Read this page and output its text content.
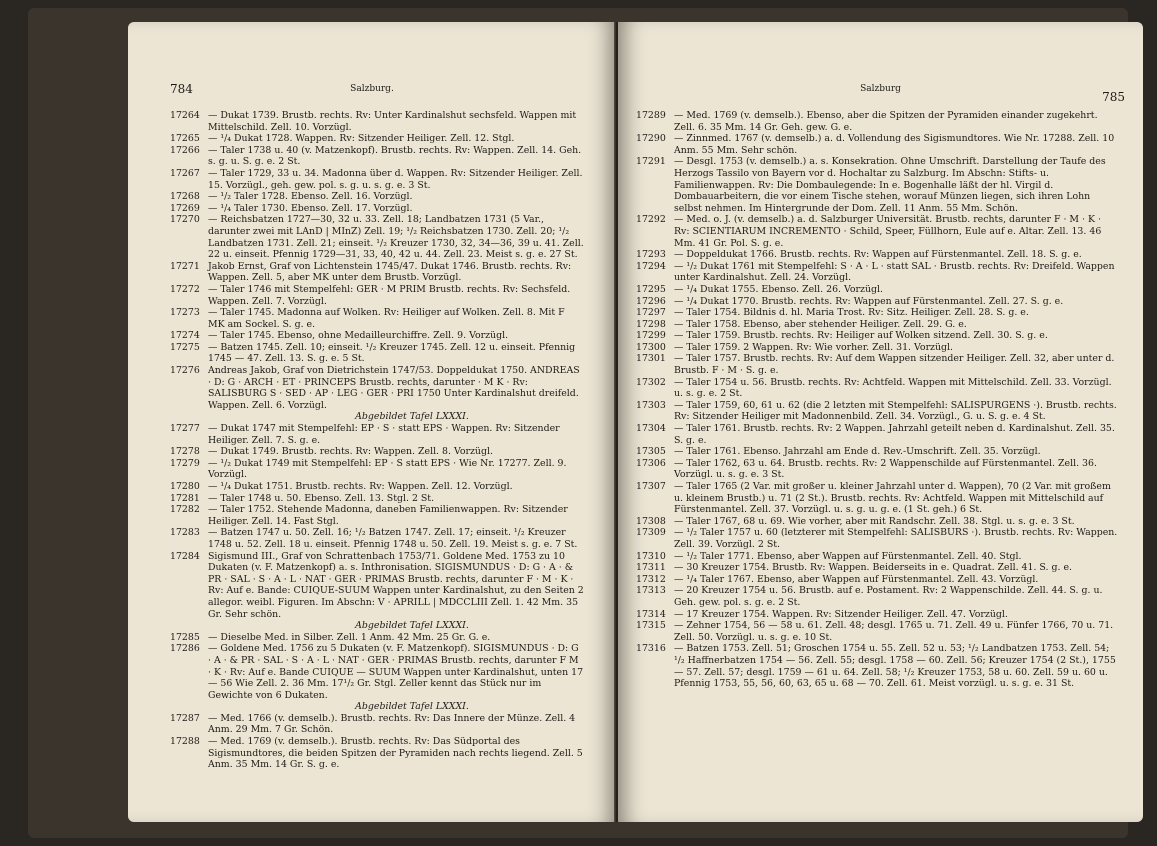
784	Salzburg.
17264 — Dukat 1739. Brustb. rechts. Rv: Unter Kardinalshut sechsfeld. Wappen mit Mittelschild. Zell. 10. Vorzügl.
17265 — ¹/₄ Dukat 1728. Wappen. Rv: Sitzender Heiliger. Zell. 12. Stgl.
17266 — Taler 1738 u. 40 (v. Matzenkopf). Brustb. rechts. Rv: Wappen. Zell. 14. Geh. s. g. u. S. g. e. 2 St.
17267 — Taler 1729, 33 u. 34. Madonna über d. Wappen. Rv: Sitzender Heiliger. Zell. 15. Vorzügl., geh. gew. pol. s. g. u. s. g. e. 3 St.
17268 — ¹/₂ Taler 1728. Ebenso. Zell. 16. Vorzügl.
17269 — ¹/₄ Taler 1730. Ebenso. Zell. 17. Vorzügl.
17270 — Reichsbatzen 1727—30, 32 u. 33. Zell. 18; Landbatzen 1731 (5 Var., darunter zwei mit LAnD | MInZ) Zell. 19; ¹/₂ Reichsbatzen 1730. Zell. 20; ¹/₂ Landbatzen 1731. Zell. 21; einseit. ¹/₂ Kreuzer 1730, 32, 34—36, 39 u. 41. Zell. 22 u. einseit. Pfennig 1729—31, 33, 40, 42 u. 44. Zell. 23. Meist s. g. e. 27 St.
17271 Jakob Ernst, Graf von Lichtenstein 1745/47. Dukat 1746. Brustb. rechts. Rv: Wappen. Zell. 5, aber MK unter dem Brustb. Vorzügl.
17272 — Taler 1746 mit Stempelfehl: GER · M PRIM Brustb. rechts. Rv: Sechsfeld. Wappen. Zell. 7. Vorzügl.
17273 — Taler 1745. Madonna auf Wolken. Rv: Heiliger auf Wolken. Zell. 8. Mit F MK am Sockel. S. g. e.
17274 — Taler 1745. Ebenso, ohne Medailleurchiffre. Zell. 9. Vorzügl.
17275 — Batzen 1745. Zell. 10; einseit. ¹/₂ Kreuzer 1745. Zell. 12 u. einseit. Pfennig 1745 — 47. Zell. 13. S. g. e. 5 St.
17276 Andreas Jakob, Graf von Dietrichstein 1747/53. Doppeldukat 1750. ANDREAS · D: G · ARCH · ET · PRINCEPS Brustb. rechts, darunter · M K · Rv: SALISBURG S · SED · AP · LEG · GER · PRI 1750 Unter Kardinalshut dreifeld. Wappen. Zell. 6. Vorzügl.
Abgebildet Tafel LXXXI.
17277 — Dukat 1747 mit Stempelfehl: EP · S · statt EPS · Wappen. Rv: Sitzender Heiliger. Zell. 7. S. g. e.
17278 — Dukat 1749. Brustb. rechts. Rv: Wappen. Zell. 8. Vorzügl.
17279 — ¹/₂ Dukat 1749 mit Stempelfehl: EP · S statt EPS · Wie Nr. 17277. Zell. 9. Vorzügl.
17280 — ¹/₄ Dukat 1751. Brustb. rechts. Rv: Wappen. Zell. 12. Vorzügl.
17281 — Taler 1748 u. 50. Ebenso. Zell. 13. Stgl. 2 St.
17282 — Taler 1752. Stehende Madonna, daneben Familienwappen. Rv: Sitzender Heiliger. Zell. 14. Fast Stgl.
17283 — Batzen 1747 u. 50. Zell. 16; ¹/₂ Batzen 1747. Zell. 17; einseit. ¹/₂ Kreuzer 1748 u. 52. Zell. 18 u. einseit. Pfennig 1748 u. 50. Zell. 19. Meist s. g. e. 7 St.
17284 Sigismund III., Graf von Schrattenbach 1753/71. Goldene Med. 1753 zu 10 Dukaten (v. F. Matzenkopf) a. s. Inthronisation. SIGISMUNDUS · D: G · A · & PR · SAL · S · A · L · NAT · GER · PRIMAS Brustb. rechts, darunter F · M · K · Rv: Auf e. Bande: CUIQUE-SUUM Wappen unter Kardinalshut, zu den Seiten 2 allegor. weibl. Figuren. Im Abschn: V · APRILL | MDCCLIII Zell. 1. 42 Mm. 35 Gr. Sehr schön.
Abgebildet Tafel LXXXI.
17285 — Dieselbe Med. in Silber. Zell. 1 Anm. 42 Mm. 25 Gr. G. e.
17286 — Goldene Med. 1756 zu 5 Dukaten (v. F. Matzenkopf). SIGISMUNDUS · D: G · A · & PR · SAL · S · A · L · NAT · GER · PRIMAS Brustb. rechts, darunter F M · K · Rv: Auf e. Bande CUIQUE — SUUM Wappen unter Kardinalshut, unten 17 — 56 Wie Zell. 2. 36 Mm. 17¹/₂ Gr. Stgl. Zeller kennt das Stück nur im Gewichte von 6 Dukaten.
Abgebildet Tafel LXXXI.
17287 — Med. 1766 (v. demselb.). Brustb. rechts. Rv: Das Innere der Münze. Zell. 4 Anm. 29 Mm. 7 Gr. Schön.
17288 — Med. 1769 (v. demselb.). Brustb. rechts. Rv: Das Südportal des Sigismundtores, die beiden Spitzen der Pyramiden nach rechts liegend. Zell. 5 Anm. 35 Mm. 14 Gr. S. g. e.
Salzburg
785
17289 — Med. 1769 (v. demselb.). Ebenso, aber die Spitzen der Pyramiden einander zugekehrt. Zell. 6. 35 Mm. 14 Gr. Geh. gew. G. e.
17290 — Zinnmed. 1767 (v. demselb.) a. d. Vollendung des Sigismundtores. Wie Nr. 17288. Zell. 10 Anm. 55 Mm. Sehr schön.
17291 — Desgl. 1753 (v. demselb.) a. s. Konsekration. Ohne Umschrift. Darstellung der Taufe des Herzogs Tassilo von Bayern vor d. Hochaltar zu Salzburg. Im Abschn: Stifts- u. Familienwappen. Rv: Die Dombaulegende: In e. Bogenhalle läßt der hl. Virgil d. Dombauarbeitern, die vor einem Tische stehen, worauf Münzen liegen, sich ihren Lohn selbst nehmen. Im Hintergrunde der Dom. Zell. 11 Anm. 55 Mm. Schön.
17292 — Med. o. J. (v. demselb.) a. d. Salzburger Universität. Brustb. rechts, darunter F · M · K · Rv: SCIENTIARUM INCREMENTO · Schild, Speer, Füllhorn, Eule auf e. Altar. Zell. 13. 46 Mm. 41 Gr. Pol. S. g. e.
17293 — Doppeldukat 1766. Brustb. rechts. Rv: Wappen auf Fürstenmantel. Zell. 18. S. g. e.
17294 — ¹/₂ Dukat 1761 mit Stempelfehl: S · A · L · statt SAL · Brustb. rechts. Rv: Dreifeld. Wappen unter Kardinalshut. Zell. 24. Vorzügl.
17295 — ¹/₄ Dukat 1755. Ebenso. Zell. 26. Vorzügl.
17296 — ¹/₄ Dukat 1770. Brustb. rechts. Rv: Wappen auf Fürstenmantel. Zell. 27. S. g. e.
17297 — Taler 1754. Bildnis d. hl. Maria Trost. Rv: Sitz. Heiliger. Zell. 28. S. g. e.
17298 — Taler 1758. Ebenso, aber stehender Heiliger. Zell. 29. G. e.
17299 — Taler 1759. Brustb. rechts. Rv: Heiliger auf Wolken sitzend. Zell. 30. S. g. e.
17300 — Taler 1759. 2 Wappen. Rv: Wie vorher. Zell. 31. Vorzügl.
17301 — Taler 1757. Brustb. rechts. Rv: Auf dem Wappen sitzender Heiliger. Zell. 32, aber unter d. Brustb. F · M · S. g. e.
17302 — Taler 1754 u. 56. Brustb. rechts. Rv: Achtfeld. Wappen mit Mittelschild. Zell. 33. Vorzügl. u. s. g. e. 2 St.
17303 — Taler 1759, 60, 61 u. 62 (die 2 letzten mit Stempelfehl: SALISPURGENS ·). Brustb. rechts. Rv: Sitzender Heiliger mit Madonnenbild. Zell. 34. Vorzügl., G. u. S. g. e. 4 St.
17304 — Taler 1761. Brustb. rechts. Rv: 2 Wappen. Jahrzahl geteilt neben d. Kardinalshut. Zell. 35. S. g. e.
17305 — Taler 1761. Ebenso. Jahrzahl am Ende d. Rev.-Umschrift. Zell. 35. Vorzügl.
17306 — Taler 1762, 63 u. 64. Brustb. rechts. Rv: 2 Wappenschilde auf Fürstenmantel. Zell. 36. Vorzügl. u. s. g. e. 3 St.
17307 — Taler 1765 (2 Var. mit großer u. kleiner Jahrzahl unter d. Wappen), 70 (2 Var. mit großem u. kleinem Brustb.) u. 71 (2 St.). Brustb. rechts. Rv: Achtfeld. Wappen mit Mittelschild auf Fürstenmantel. Zell. 37. Vorzügl. u. s. g. u. g. e. (1 St. geh.) 6 St.
17308 — Taler 1767, 68 u. 69. Wie vorher, aber mit Randschr. Zell. 38. Stgl. u. s. g. e. 3 St.
17309 — ¹/₂ Taler 1757 u. 60 (letzterer mit Stempelfehl: SALISBURS ·). Brustb. rechts. Rv: Wappen. Zell. 39. Vorzügl. 2 St.
17310 — ¹/₂ Taler 1771. Ebenso, aber Wappen auf Fürstenmantel. Zell. 40. Stgl.
17311 — 30 Kreuzer 1754. Brustb. Rv: Wappen. Beiderseits in e. Quadrat. Zell. 41. S. g. e.
17312 — ¹/₄ Taler 1767. Ebenso, aber Wappen auf Fürstenmantel. Zell. 43. Vorzügl.
17313 — 20 Kreuzer 1754 u. 56. Brustb. auf e. Postament. Rv: 2 Wappenschilde. Zell. 44. S. g. u. Geh. gew. pol. s. g. e. 2 St.
17314 — 17 Kreuzer 1754. Wappen. Rv: Sitzender Heiliger. Zell. 47. Vorzügl.
17315 — Zehner 1754, 56 — 58 u. 61. Zell. 48; desgl. 1765 u. 71. Zell. 49 u. Fünfer 1766, 70 u. 71. Zell. 50. Vorzügl. u. s. g. e. 10 St.
17316 — Batzen 1753. Zell. 51; Groschen 1754 u. 55. Zell. 52 u. 53; ¹/₂ Landbatzen 1753. Zell. 54; ¹/₂ Haffnerbatzen 1754 — 56. Zell. 55; desgl. 1758 — 60. Zell. 56; Kreuzer 1754 (2 St.), 1755 — 57. Zell. 57; desgl. 1759 — 61 u. 64. Zell. 58; ¹/₂ Kreuzer 1753, 58 u. 60. Zell. 59 u. 60 u. Pfennig 1753, 55, 56, 60, 63, 65 u. 68 — 70. Zell. 61. Meist vorzügl. u. s. g. e. 31 St.
